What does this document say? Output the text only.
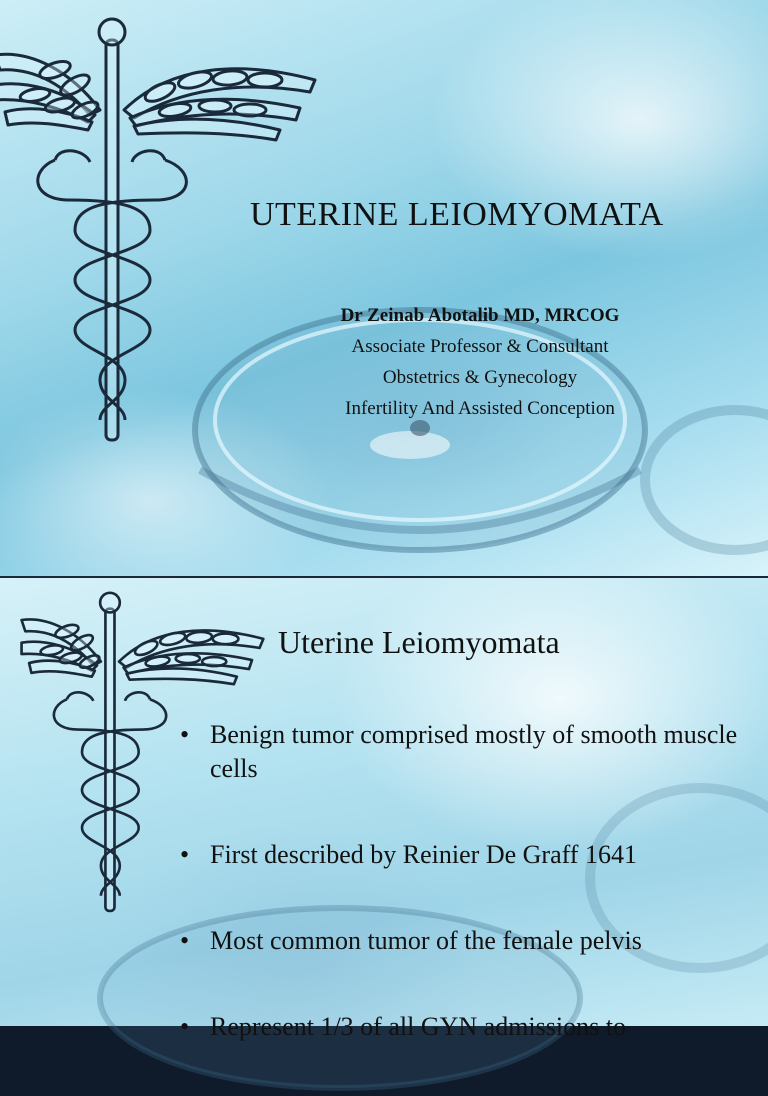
UTERINE LEIOMYOMATA
Dr Zeinab Abotalib MD, MRCOG
Associate Professor & Consultant
Obstetrics & Gynecology
Infertility And Assisted Conception
Uterine Leiomyomata
• Benign tumor comprised mostly of smooth muscle cells
• First described by Reinier De Graff 1641
• Most common tumor of the female pelvis
• Represent 1/3 of all GYN admissions to
